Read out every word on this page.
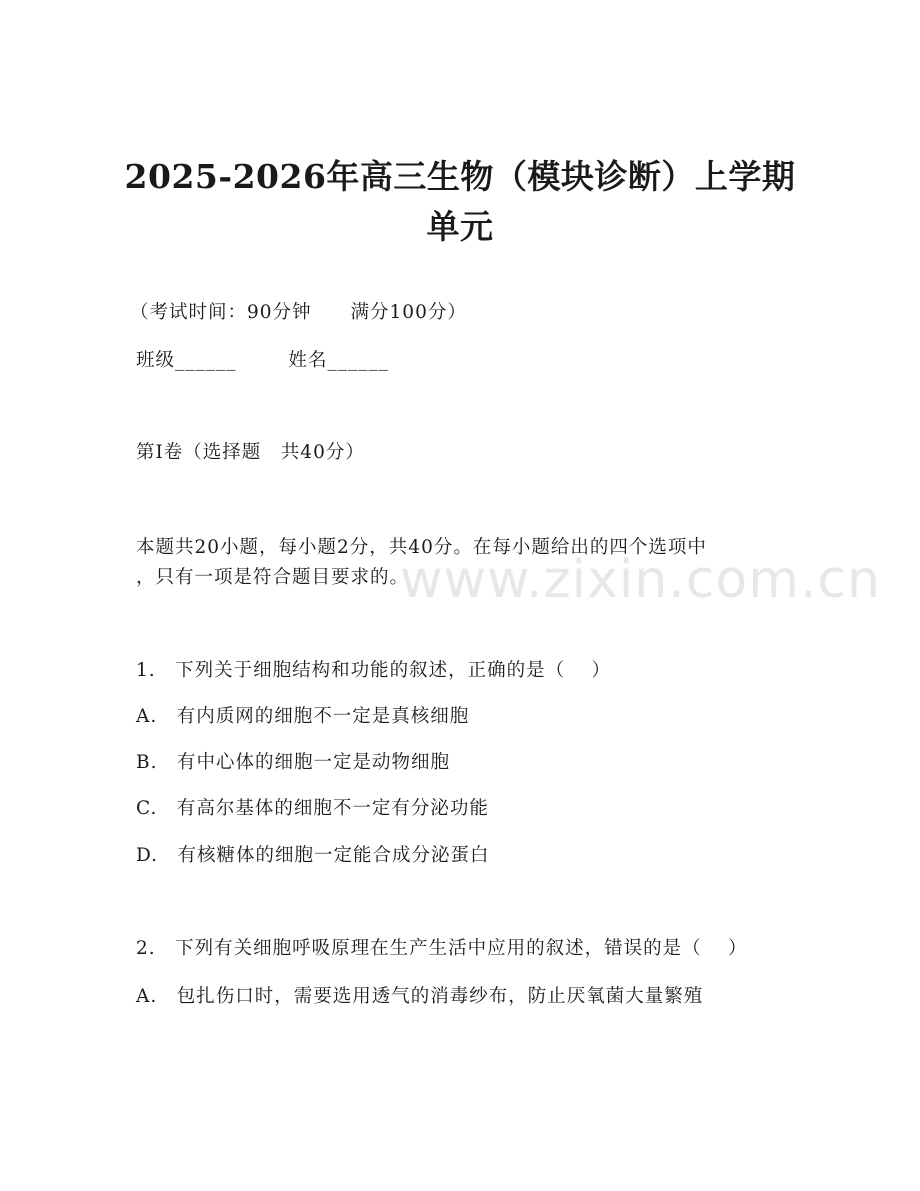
2025-2026年高三生物（模块诊断）上学期
单元
（考试时间：90分钟　　满分100分）
班级______	姓名______
第I卷（选择题　共40分）
本题共20小题，每小题2分，共40分。在每小题给出的四个选项中
，只有一项是符合题目要求的。
www.zixin.com.cn
1.　下列关于细胞结构和功能的叙述，正确的是（　 ）
A.　有内质网的细胞不一定是真核细胞
B.　有中心体的细胞一定是动物细胞
C.　有高尔基体的细胞不一定有分泌功能
D.　有核糖体的细胞一定能合成分泌蛋白
2.　下列有关细胞呼吸原理在生产生活中应用的叙述，错误的是（　 ）
A.　包扎伤口时，需要选用透气的消毒纱布，防止厌氧菌大量繁殖
